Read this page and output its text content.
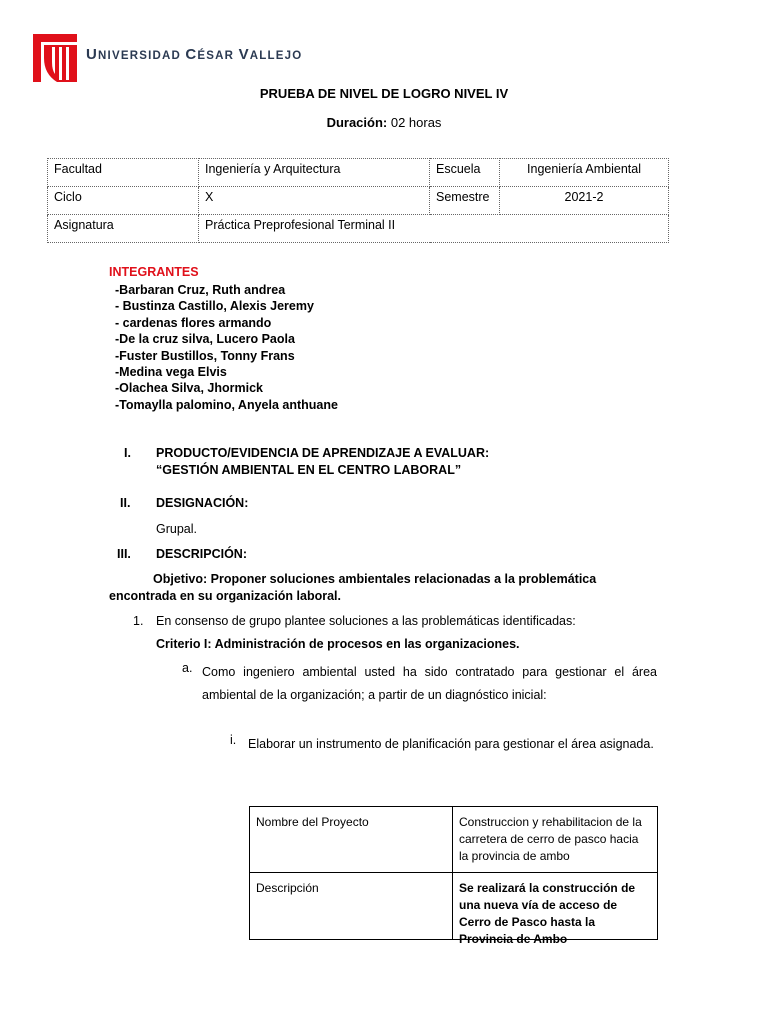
UNIVERSIDAD CÉSAR VALLEJO
PRUEBA DE NIVEL DE LOGRO NIVEL IV
Duración: 02 horas
Facultad	Ingeniería y Arquitectura	Escuela	Ingeniería Ambiental
Ciclo	X	Semestre	2021-2
Asignatura	Práctica Preprofesional Terminal II		
INTEGRANTES
-Barbaran Cruz, Ruth andrea
- Bustinza Castillo, Alexis Jeremy
- cardenas flores armando
-De la cruz silva, Lucero Paola
-Fuster Bustillos, Tonny Frans
-Medina vega Elvis
-Olachea Silva, Jhormick
-Tomaylla palomino, Anyela anthuane
I. PRODUCTO/EVIDENCIA DE APRENDIZAJE A EVALUAR:
“GESTIÓN AMBIENTAL EN EL CENTRO LABORAL”
II. DESIGNACIÓN:
Grupal.
III. DESCRIPCIÓN:
Objetivo: Proponer soluciones ambientales relacionadas a la problemática encontrada en su organización laboral.
1. En consenso de grupo plantee soluciones a las problemáticas identificadas:
Criterio I: Administración de procesos en las organizaciones.
a. Como ingeniero ambiental usted ha sido contratado para gestionar el área ambiental de la organización; a partir de un diagnóstico inicial:
i. Elaborar un instrumento de planificación para gestionar el área asignada.
Nombre del Proyecto	Construccion y rehabilitacion de la carretera de cerro de pasco hacia la provincia de ambo
Descripción	Se realizará la construcción de una nueva vía de acceso de Cerro de Pasco hasta la Provincia de Ambo
